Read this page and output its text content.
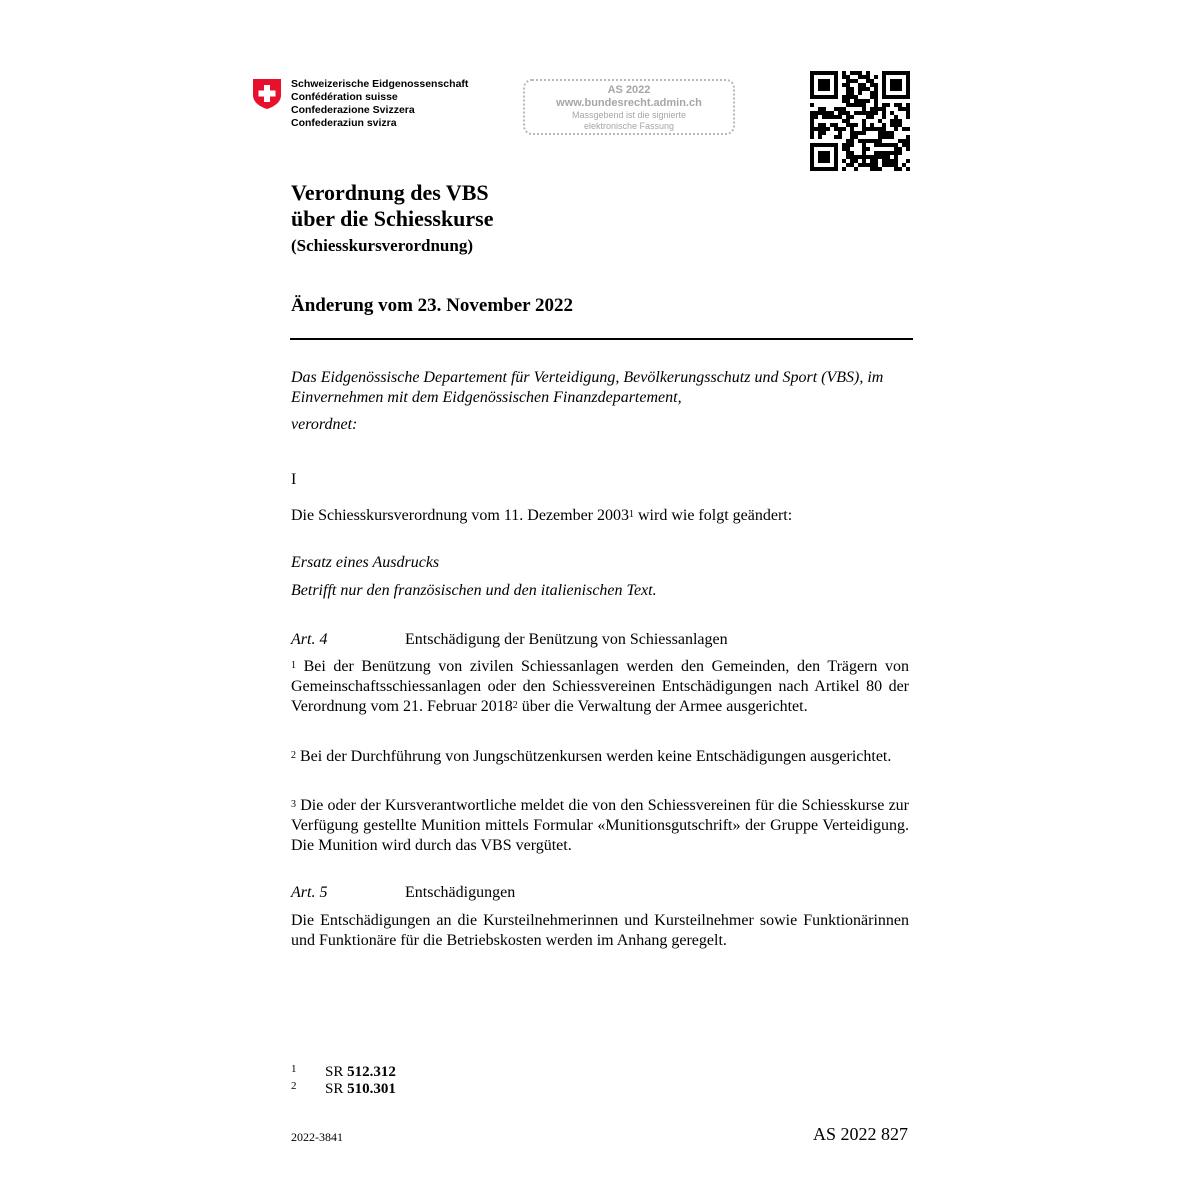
Schweizerische Eidgenossenschaft
Confédération suisse
Confederazione Svizzera
Confederaziun svizra
AS 2022
www.bundesrecht.admin.ch
Massgebend ist die signierte
elektronische Fassung
Verordnung des VBS
über die Schiesskurse
(Schiesskursverordnung)
Änderung vom 23. November 2022
Das Eidgenössische Departement für Verteidigung, Bevölkerungsschutz und Sport (VBS), im Einvernehmen mit dem Eidgenössischen Finanzdepartement,
verordnet:
I
Die Schiesskursverordnung vom 11. Dezember 2003$^1$ wird wie folgt geändert:
Ersatz eines Ausdrucks
Betrifft nur den französischen und den italienischen Text.
Art. 4	Entschädigung der Benützung von Schiessanlagen
$^1$ Bei der Benützung von zivilen Schiessanlagen werden den Gemeinden, den Trägern von Gemeinschaftsschiessanlagen oder den Schiessvereinen Entschädigungen nach Artikel 80 der Verordnung vom 21. Februar 2018$^2$ über die Verwaltung der Armee ausgerichtet.
$^2$ Bei der Durchführung von Jungschützenkursen werden keine Entschädigungen ausgerichtet.
$^3$ Die oder der Kursverantwortliche meldet die von den Schiessvereinen für die Schiesskurse zur Verfügung gestellte Munition mittels Formular «Munitionsgutschrift» der Gruppe Verteidigung. Die Munition wird durch das VBS vergütet.
Art. 5	Entschädigungen
Die Entschädigungen an die Kursteilnehmerinnen und Kursteilnehmer sowie Funktionärinnen und Funktionäre für die Betriebskosten werden im Anhang geregelt.
1 SR 512.312
2 SR 510.301
2022-3841	AS 2022 827
